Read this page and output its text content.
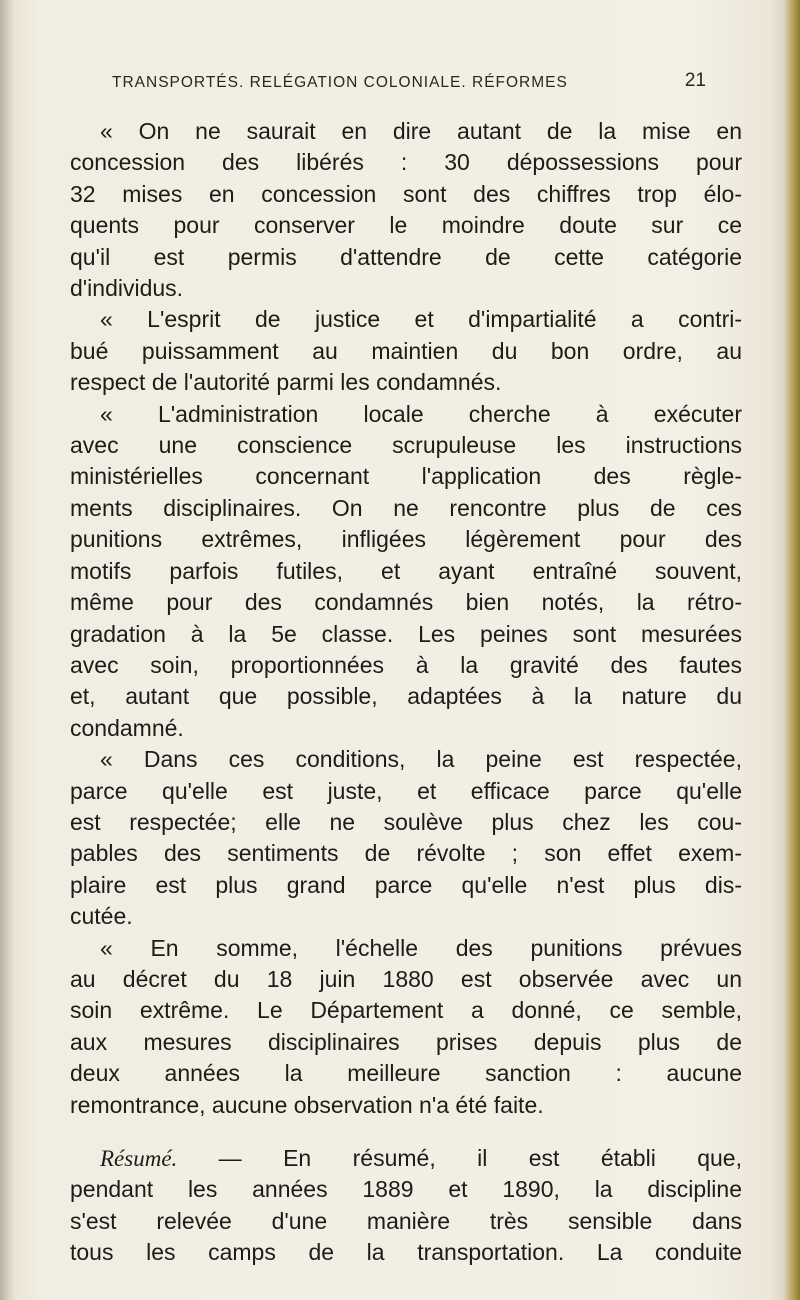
TRANSPORTÉS. RELÉGATION COLONIALE. RÉFORMES	21
« On ne saurait en dire autant de la mise en
concession des libérés : 30 dépossessions pour
32 mises en concession sont des chiffres trop élo-
quents pour conserver le moindre doute sur ce
qu'il est permis d'attendre de cette catégorie
d'individus.
« L'esprit de justice et d'impartialité a contri-
bué puissamment au maintien du bon ordre, au
respect de l'autorité parmi les condamnés.
« L'administration locale cherche à exécuter
avec une conscience scrupuleuse les instructions
ministérielles concernant l'application des règle-
ments disciplinaires. On ne rencontre plus de ces
punitions extrêmes, infligées légèrement pour des
motifs parfois futiles, et ayant entraîné souvent,
même pour des condamnés bien notés, la rétro-
gradation à la 5e classe. Les peines sont mesurées
avec soin, proportionnées à la gravité des fautes
et, autant que possible, adaptées à la nature du
condamné.
« Dans ces conditions, la peine est respectée,
parce qu'elle est juste, et efficace parce qu'elle
est respectée; elle ne soulève plus chez les cou-
pables des sentiments de révolte ; son effet exem-
plaire est plus grand parce qu'elle n'est plus dis-
cutée.
« En somme, l'échelle des punitions prévues
au décret du 18 juin 1880 est observée avec un
soin extrême. Le Département a donné, ce semble,
aux mesures disciplinaires prises depuis plus de
deux années la meilleure sanction : aucune
remontrance, aucune observation n'a été faite.
Résumé. — En résumé, il est établi que,
pendant les années 1889 et 1890, la discipline
s'est relevée d'une manière très sensible dans
tous les camps de la transportation. La conduite
